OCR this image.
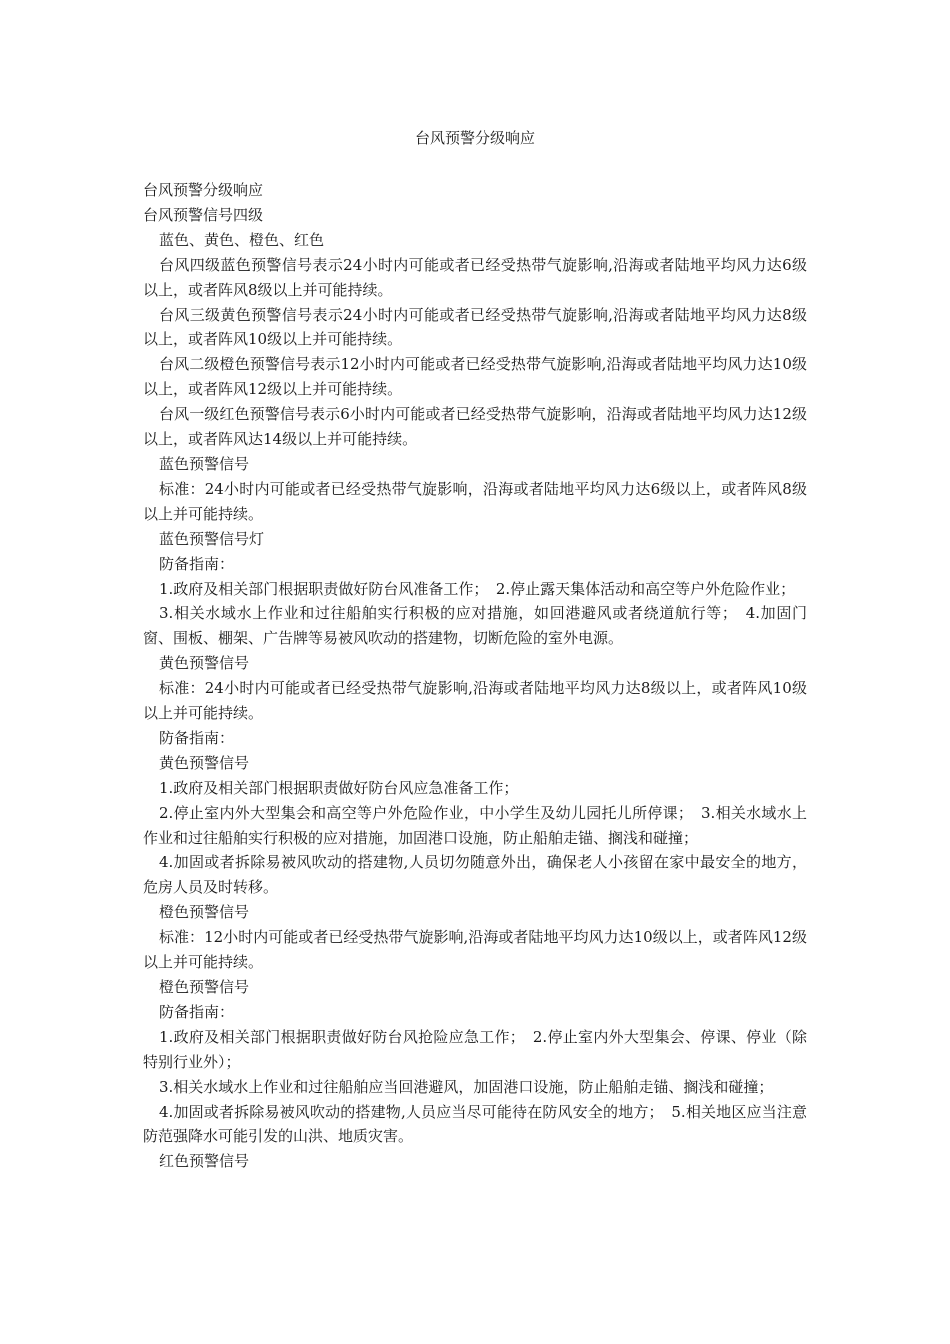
台风预警分级响应

台风预警分级响应

台风预警信号四级

蓝色、黄色、橙色、红色

台风四级蓝色预警信号表示24小时内可能或者已经受热带气旋影响,沿海或者陆地平均风力达6级以上，或者阵风8级以上并可能持续。

台风三级黄色预警信号表示24小时内可能或者已经受热带气旋影响,沿海或者陆地平均风力达8级以上，或者阵风10级以上并可能持续。

台风二级橙色预警信号表示12小时内可能或者已经受热带气旋影响,沿海或者陆地平均风力达10级以上，或者阵风12级以上并可能持续。

台风一级红色预警信号表示6小时内可能或者已经受热带气旋影响，沿海或者陆地平均风力达12级以上，或者阵风达14级以上并可能持续。

蓝色预警信号

标准：24小时内可能或者已经受热带气旋影响，沿海或者陆地平均风力达6级以上，或者阵风8级以上并可能持续。

蓝色预警信号灯

防备指南：

1.政府及相关部门根据职责做好防台风准备工作；　2.停止露天集体活动和高空等户外危险作业；

3.相关水域水上作业和过往船舶实行积极的应对措施，如回港避风或者绕道航行等；　4.加固门窗、围板、棚架、广告牌等易被风吹动的搭建物，切断危险的室外电源。

黄色预警信号

标准：24小时内可能或者已经受热带气旋影响,沿海或者陆地平均风力达8级以上，或者阵风10级以上并可能持续。

防备指南：

黄色预警信号

1.政府及相关部门根据职责做好防台风应急准备工作；

2.停止室内外大型集会和高空等户外危险作业，中小学生及幼儿园托儿所停课；　3.相关水域水上作业和过往船舶实行积极的应对措施，加固港口设施，防止船舶走锚、搁浅和碰撞；

4.加固或者拆除易被风吹动的搭建物,人员切勿随意外出，确保老人小孩留在家中最安全的地方，危房人员及时转移。

橙色预警信号

标准：12小时内可能或者已经受热带气旋影响,沿海或者陆地平均风力达10级以上，或者阵风12级以上并可能持续。

橙色预警信号

防备指南：

1.政府及相关部门根据职责做好防台风抢险应急工作；　2.停止室内外大型集会、停课、停业（除特别行业外）；

3.相关水域水上作业和过往船舶应当回港避风，加固港口设施，防止船舶走锚、搁浅和碰撞；

4.加固或者拆除易被风吹动的搭建物,人员应当尽可能待在防风安全的地方；　5.相关地区应当注意防范强降水可能引发的山洪、地质灾害。

红色预警信号
